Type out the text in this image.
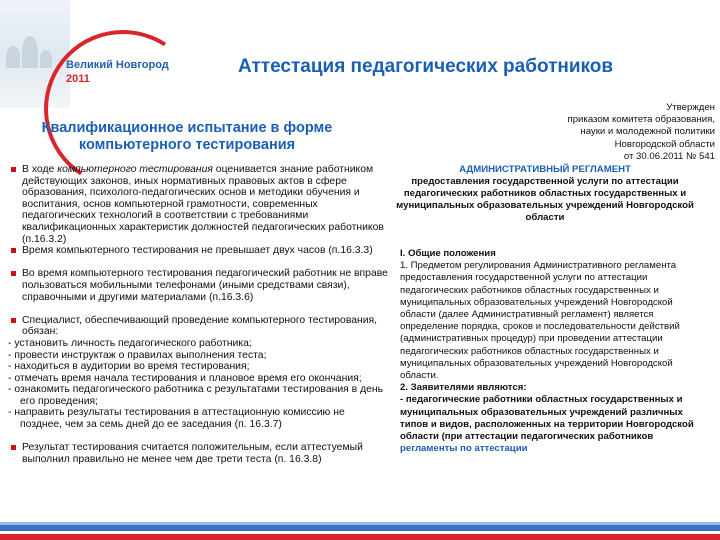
Великий Новгород
2011
Аттестация педагогических работников
Квалификационное испытание в форме компьютерного тестирования

В ходе компьютерного тестирования оценивается знание работником действующих законов, иных нормативных правовых актов в сфере образования, психолого-педагогических основ и методики обучения и воспитания, основ компьютерной грамотности, современных педагогических технологий в соответствии с требованиями квалификационных характеристик должностей педагогических работников (п.16.3.2)

Время компьютерного тестирования не превышает двух часов (п.16.3.3)

Во время компьютерного тестирования педагогический работник не вправе пользоваться мобильными телефонами (иными средствами связи), справочными и другими материалами (п.16.3.6)

Специалист, обеспечивающий проведение компьютерного тестирования, обязан:

- установить личность педагогического работника;

- провести инструктаж о правилах выполнения теста;

- находиться в аудитории во время тестирования;

- отмечать время начала тестирования и плановое время его окончания;

- ознакомить педагогического работника с результатами тестирования в день его проведения;

- направить результаты тестирования в аттестационную комиссию не позднее, чем за семь дней до ее заседания (п. 16.3.7)

Результат тестирования считается положительным, если аттестуемый выполнил правильно не менее чем две трети теста (п. 16.3.8)

Утвержден
приказом комитета образования,
науки и молодежной политики
Новгородской области
от 30.06.2011 № 541
АДМИНИСТРАТИВНЫЙ РЕГЛАМЕНТ
предоставления государственной услуги по аттестации педагогических работников областных государственных и муниципальных образовательных учреждений Новгородской области

I. Общие положения

1. Предметом регулирования Административного регламента предоставления государственной услуги по аттестации педагогических работников областных государственных и муниципальных образовательных учреждений Новгородской области (далее Административный регламент) является определение порядка, сроков и последовательности действий (административных процедур) при проведении аттестации педагогических работников областных государственных и муниципальных образовательных учреждений Новгородской области.

2. Заявителями являются:

- педагогические работники областных государственных и муниципальных образовательных учреждений различных типов и видов, расположенных на территории Новгородской области (при аттестации педагогических работников регламенты по аттестации
